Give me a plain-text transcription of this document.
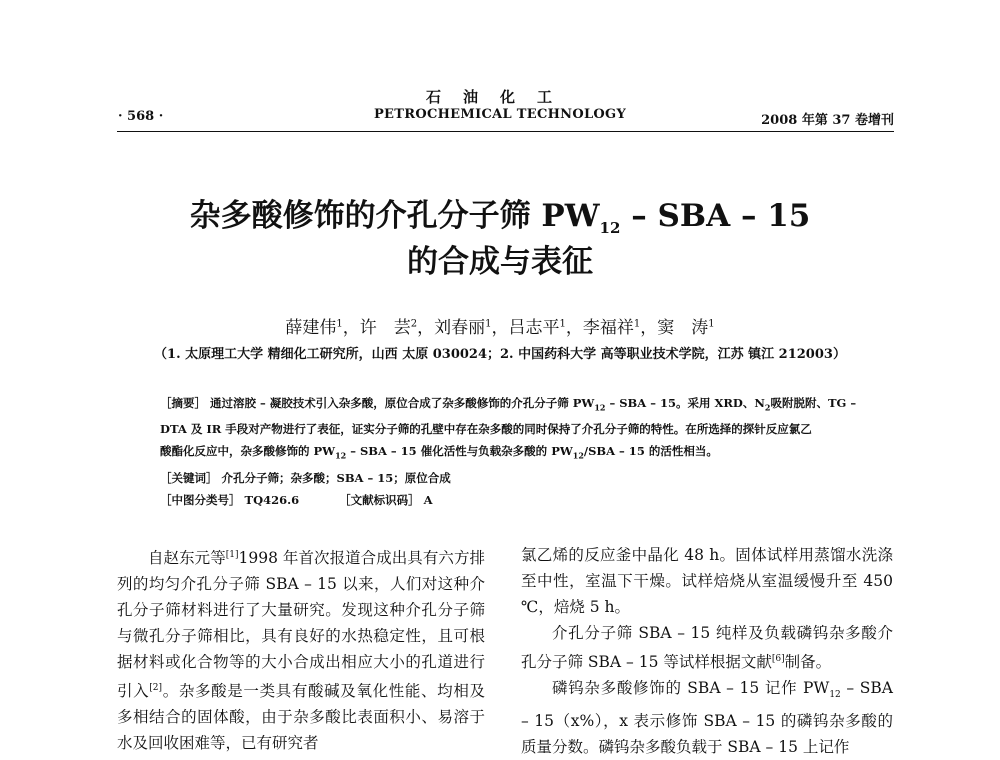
石油化工
· 568 ·	PETROCHEMICAL TECHNOLOGY	2008 年第 37 卷增刊
杂多酸修饰的介孔分子筛 $PW_{12}$ – SBA – 15
的合成与表征
薛建伟$^1$，许　芸$^2$，刘春丽$^1$，吕志平$^1$，李福祥$^1$，窦　涛$^1$
（1. 太原理工大学 精细化工研究所，山西 太原 030024；2. 中国药科大学 高等职业技术学院，江苏 镇江 212003）

［摘要］ 通过溶胶 – 凝胶技术引入杂多酸，原位合成了杂多酸修饰的介孔分子筛 $PW_{12}$ – SBA – 15。采用 XRD、$N_2$吸附脱附、TG –

DTA 及 IR 手段对产物进行了表征，证实分子筛的孔壁中存在杂多酸的同时保持了介孔分子筛的特性。在所选择的探针反应氯乙

酸酯化反应中，杂多酸修饰的 $PW_{12}$ – SBA – 15 催化活性与负载杂多酸的 $PW_{12}$/SBA – 15 的活性相当。

［关键词］ 介孔分子筛；杂多酸；SBA – 15；原位合成

［中图分类号］ TQ426.6	［文献标识码］ A

自赵东元等[1]1998 年首次报道合成出具有六方排列的均匀介孔分子筛 SBA – 15 以来，人们对这种介孔分子筛材料进行了大量研究。发现这种介孔分子筛与微孔分子筛相比，具有良好的水热稳定性，且可根据材料或化合物等的大小合成出相应大小的孔道进行引入[2]。杂多酸是一类具有酸碱及氧化性能、均相及多相结合的固体酸，由于杂多酸比表面积小、易溶于水及回收困难等，已有研究者

氯乙烯的反应釜中晶化 48 h。固体试样用蒸馏水洗涤至中性，室温下干燥。试样焙烧从室温缓慢升至 450 ℃，焙烧 5 h。

介孔分子筛 SBA – 15 纯样及负载磷钨杂多酸介孔分子筛 SBA – 15 等试样根据文献[6]制备。

磷钨杂多酸修饰的 SBA – 15 记作 $PW_{12}$ – SBA – 15（x%），x 表示修饰 SBA – 15 的磷钨杂多酸的质量分数。磷钨杂多酸负载于 SBA – 15 上记作
